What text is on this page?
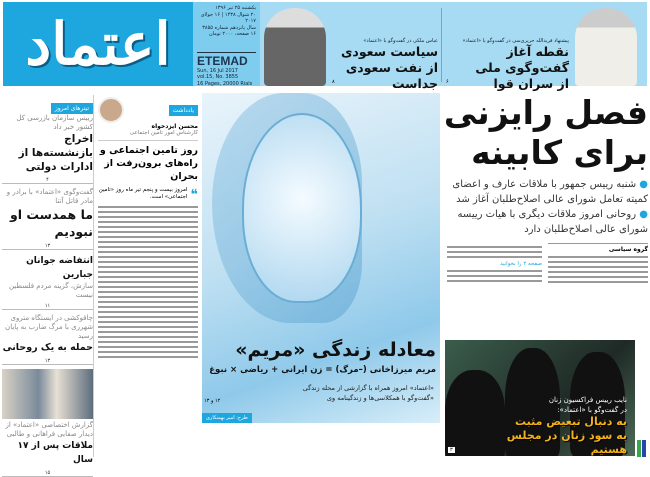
اعتماد
یکشنبه ۲۵ تیر ۱۳۹۶
۲۰ شوال ۱۴۳۸ | ۱۶ جولای ۲۰۱۷
سال پانزدهم شماره ۳۸۵۵
۱۶ صفحه، ۲۰۰۰ تومان
ETEMAD
Sun, 16 Jul 2017
vol.15, No. 3855
16 Pages, 20000 Rials
عباس ملکی در گفت‌وگو با «اعتماد»
سیاست سعودی
از نفت سعودی جداست
۸
پیشنهاد فریدالله حریری‌سی در گفت‌وگو با «اعتماد»
نقطه آغاز گفت‌وگوی ملی
از سران قوا
۶
تیترهای امروز
رییس سازمان بازرسی کل کشور خبر داد
اخراج بازنشسته‌ها از ادارات دولتی
۴
گفت‌وگوی «اعتماد» با برادر و مادر قاتل آتنا
ما همدست او نبودیم
۱۳
انتفاضه جوانان جبارین
سازش، گزینه مردم فلسطین نیست
۱۱
چاقوکشی در ایستگاه متروی شهرری با مرگ ضارب به پایان رسید
حمله به یک روحانی
۱۳
گزارش اختصاصی «اعتماد» از دیدار صفایی فراهانی و طالبی
ملاقات پس از ۱۷ سال
۱۵
یادداشت
محسن ایزدخواه
کارشناس امور تامین اجتماعی
روز تامین اجتماعی و راه‌های برون‌رفت از بحران
❝
امروز بیست و پنجم تیر ماه روز «تامین اجتماعی» است.
معادله زندگی «مریم»
مریم میرزاخانی (–مرگ) = زن ایرانی + ریاضی × نبوغ
«اعتماد» امروز همراه با گزارشی از محله زندگی
«گفت‌وگو با همکلاسی‌ها و زندگینامه وی
۱۲ و ۱۳
طرح: امیر بهمنکاری
فصل رایزنی
برای کابینه
● شنبه رییس جمهور با ملاقات عارف و اعضای کمیته تعامل شورای عالی اصلاح‌طلبان آغاز شد
● روحانی امروز ملاقات دیگری با هیات رییسه شورای عالی اصلاح‌طلبان دارد
گروه سیاسی
صفحه ۲ را بخوانید
نایب رییس فراکسیون زنان
در گفت‌وگو با «اعتماد»:
به دنبال تبعیض مثبت
به سود زنان در مجلس هستیم
۳
